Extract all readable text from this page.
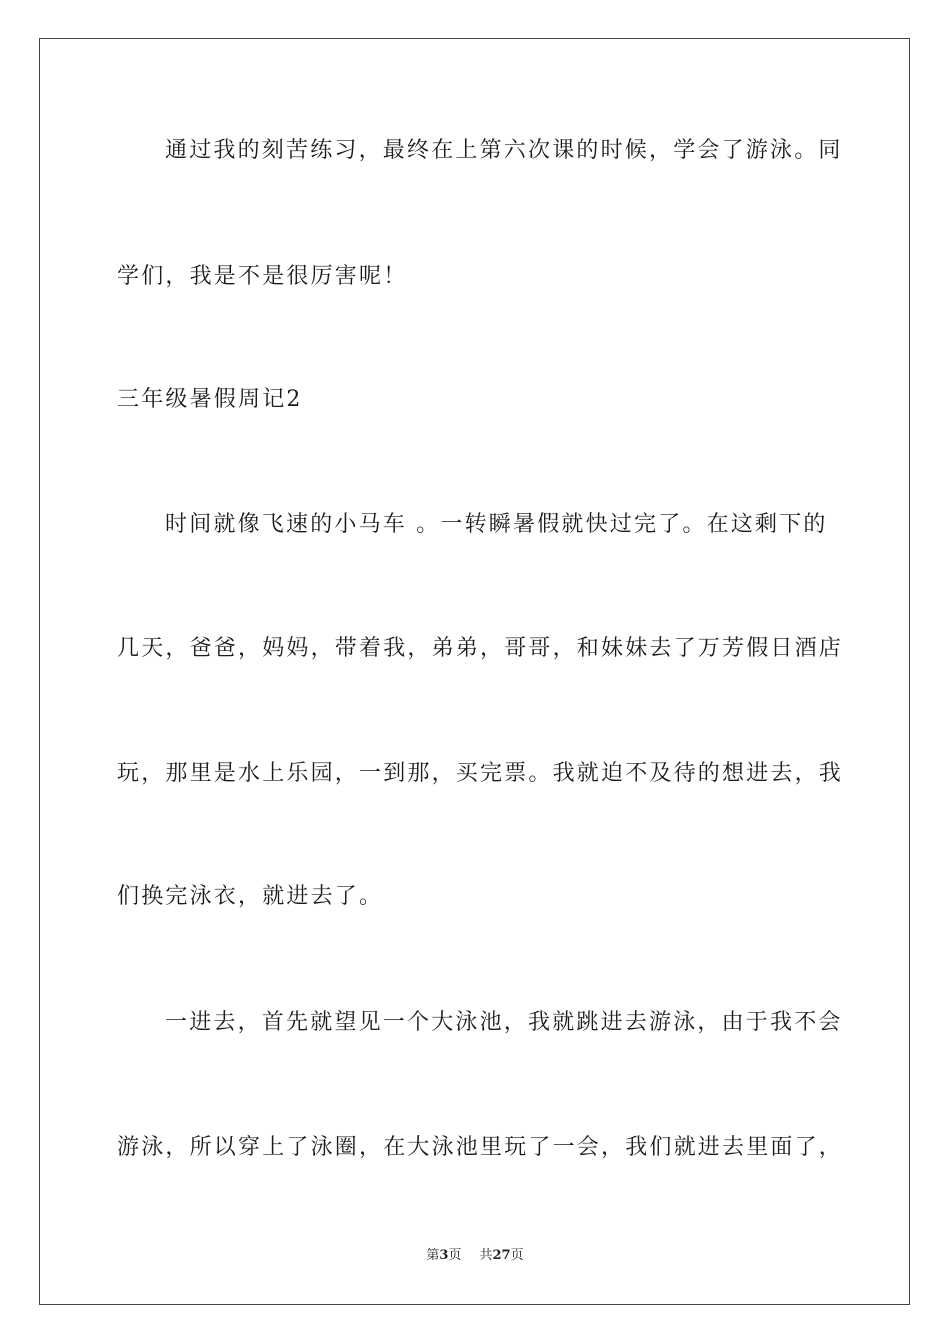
通过我的刻苦练习，最终在上第六次课的时候，学会了游泳。同
学们，我是不是很厉害呢！
三年级暑假周记2
时间就像飞速的小马车 。一转瞬暑假就快过完了。在这剩下的
几天，爸爸，妈妈，带着我，弟弟，哥哥，和妹妹去了万芳假日酒店
玩，那里是水上乐园，一到那，买完票。我就迫不及待的想进去，我
们换完泳衣，就进去了。
一进去，首先就望见一个大泳池，我就跳进去游泳，由于我不会
游泳，所以穿上了泳圈，在大泳池里玩了一会，我们就进去里面了，
第3页 共27页
